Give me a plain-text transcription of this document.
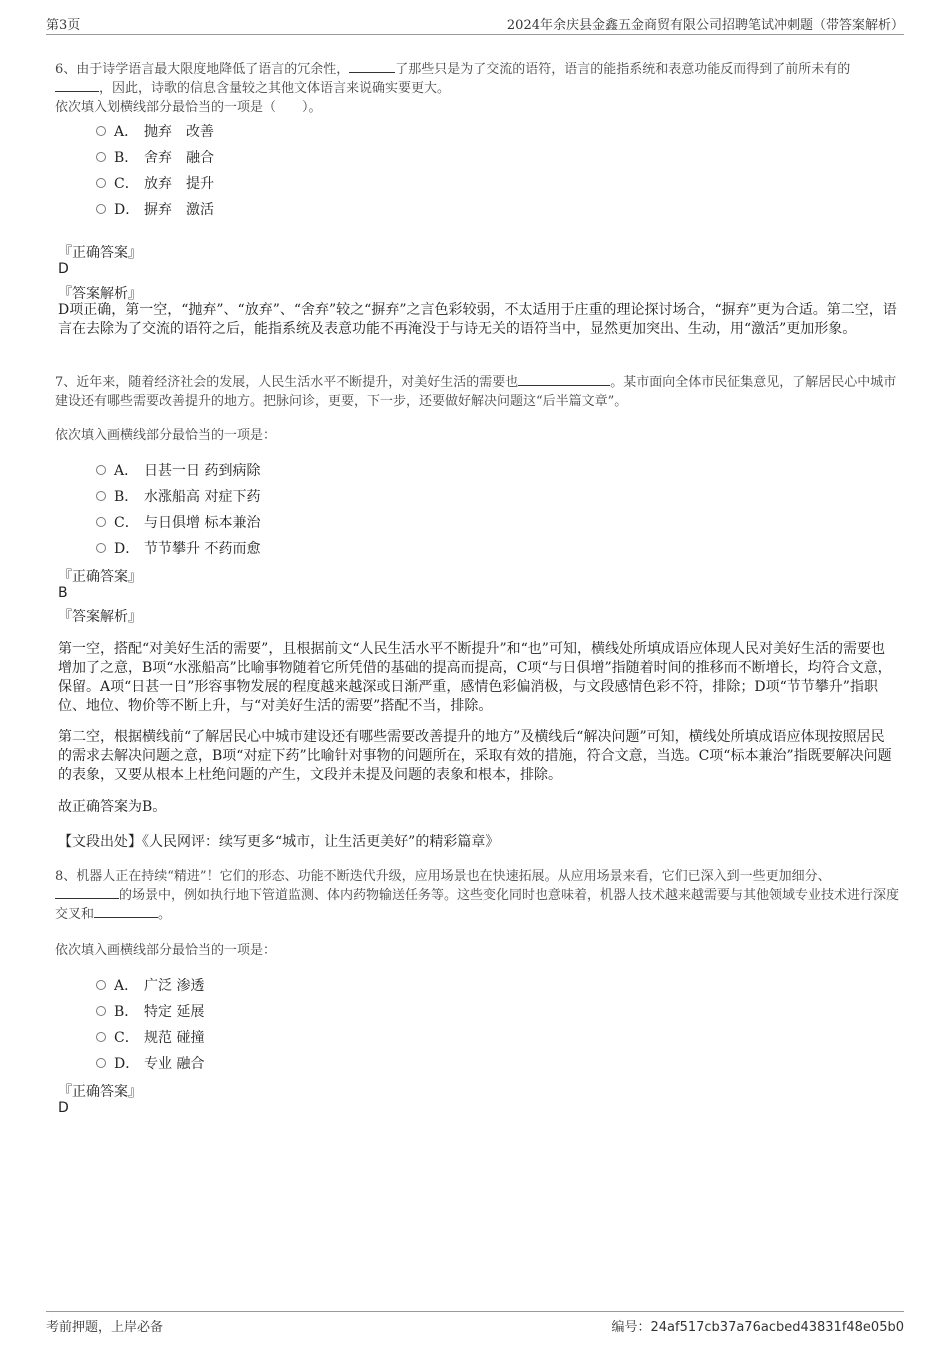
第3页	2024年余庆县金鑫五金商贸有限公司招聘笔试冲刺题（带答案解析）

6、由于诗学语言最大限度地降低了语言的冗余性，	了那些只是为了交流的语符，语言的能指系统和表意功能反而得到了前所未有的
，因此，诗歌的信息含量较之其他文体语言来说确实要更大。
依次填入划横线部分最恰当的一项是（　　）。

A． 抛弃　改善
B． 舍弃　融合
C． 放弃　提升
D． 摒弃　激活
『正确答案』
D
『答案解析』

D项正确，第一空，“抛弃”、“放弃”、“舍弃”较之“摒弃”之言色彩较弱，不太适用于庄重的理论探讨场合，“摒弃”更为合适。第二空，语言在去除为了交流的语符之后，能指系统及表意功能不再淹没于与诗无关的语符当中，显然更加突出、生动，用“激活”更加形象。

7、近年来，随着经济社会的发展，人民生活水平不断提升，对美好生活的需要也	。某市面向全体市民征集意见，了解居民心中城市建设还有哪些需要改善提升的地方。把脉问诊，更要，下一步，还要做好解决问题这“后半篇文章”。

依次填入画横线部分最恰当的一项是：

A． 日甚一日 药到病除
B． 水涨船高 对症下药
C． 与日俱增 标本兼治
D． 节节攀升 不药而愈
『正确答案』
B
『答案解析』

第一空，搭配“对美好生活的需要”，且根据前文“人民生活水平不断提升”和“也”可知，横线处所填成语应体现人民对美好生活的需要也增加了之意，B项“水涨船高”比喻事物随着它所凭借的基础的提高而提高，C项“与日俱增”指随着时间的推移而不断增长，均符合文意，保留。A项“日甚一日”形容事物发展的程度越来越深或日渐严重，感情色彩偏消极，与文段感情色彩不符，排除；D项“节节攀升”指职位、地位、物价等不断上升，与“对美好生活的需要”搭配不当，排除。

第二空，根据横线前“了解居民心中城市建设还有哪些需要改善提升的地方”及横线后“解决问题”可知，横线处所填成语应体现按照居民的需求去解决问题之意，B项“对症下药”比喻针对事物的问题所在，采取有效的措施，符合文意，当选。C项“标本兼治”指既要解决问题的表象，又要从根本上杜绝问题的产生，文段并未提及问题的表象和根本，排除。

故正确答案为B。

【文段出处】《人民网评：续写更多“城市，让生活更美好”的精彩篇章》

8、机器人正在持续“精进”！它们的形态、功能不断迭代升级，应用场景也在快速拓展。从应用场景来看，它们已深入到一些更加细分、
的场景中，例如执行地下管道监测、体内药物输送任务等。这些变化同时也意味着，机器人技术越来越需要与其他领域专业技术进行深度交叉和	。

依次填入画横线部分最恰当的一项是：

A． 广泛 渗透
B． 特定 延展
C． 规范 碰撞
D． 专业 融合
『正确答案』
D
考前押题，上岸必备	编号：24af517cb37a76acbed43831f48e05b0
